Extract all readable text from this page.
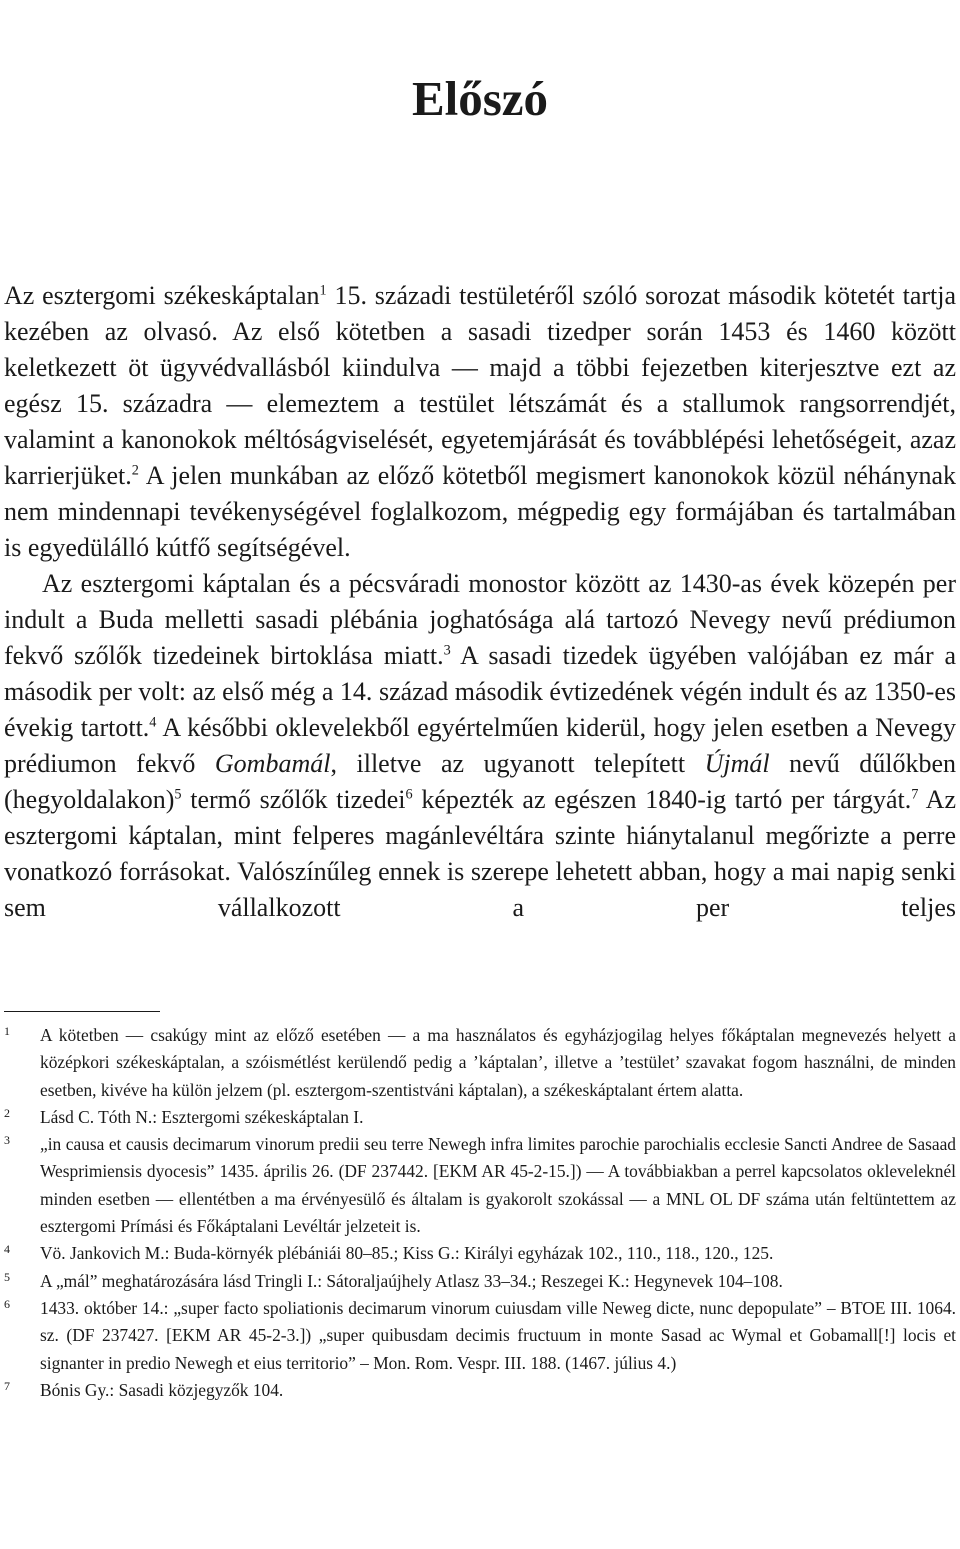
Előszó

Az esztergomi székeskáptalan$^1$ 15. századi testületéről szóló sorozat második kötetét tartja kezében az olvasó. Az első kötetben a sasadi tizedper során 1453 és 1460 között keletkezett öt ügyvédvallásból kiindulva — majd a többi fejezetben kiterjesztve ezt az egész 15. századra — elemeztem a testület létszámát és a stallumok rangsorrendjét, valamint a kanonokok méltóságviselését, egyetemjárását és továbblépési lehetőségeit, azaz karrierjüket.$^2$ A jelen munkában az előző kötetből megismert kanonokok közül néhánynak nem mindennapi tevékenységével foglalkozom, mégpedig egy formájában és tartalmában is egyedülálló kútfő segítségével.

Az esztergomi káptalan és a pécsváradi monostor között az 1430-as évek közepén per indult a Buda melletti sasadi plébánia joghatósága alá tartozó Nevegy nevű prédiumon fekvő szőlők tizedeinek birtoklása miatt.$^3$ A sasadi tizedek ügyében valójában ez már a második per volt: az első még a 14. század második évtizedének végén indult és az 1350-es évekig tartott.$^4$ A későbbi oklevelekből egyértelműen kiderül, hogy jelen esetben a Nevegy prédiumon fekvő Gombamál, illetve az ugyanott telepített Újmál nevű dűlőkben (hegyoldalakon)$^5$ termő szőlők tizedei$^6$ képezték az egészen 1840-ig tartó per tárgyát.$^7$ Az esztergomi káptalan, mint felperes magánlevéltára szinte hiánytalanul megőrizte a perre vonatkozó forrásokat. Valószínűleg ennek is szerepe lehetett abban, hogy a mai napig senki sem vállalkozott a per teljes

1 A kötetben — csakúgy mint az előző esetében — a ma használatos és egyházjogilag helyes főkáptalan megnevezés helyett a középkori székeskáptalan, a szóismétlést kerülendő pedig a ’káptalan’, illetve a ’testület’ szavakat fogom használni, de minden esetben, kivéve ha külön jelzem (pl. esztergom-szentistváni káptalan), a székeskáptalant értem alatta.
2 Lásd C. Tóth N.: Esztergomi székeskáptalan I.
3 „in causa et causis decimarum vinorum predii seu terre Newegh infra limites parochie parochialis ecclesie Sancti Andree de Sasaad Wesprimiensis dyocesis” 1435. április 26. (DF 237442. [EKM AR 45-2-15.]) — A továbbiakban a perrel kapcsolatos okleveleknél minden esetben — ellentétben a ma érvényesülő és általam is gyakorolt szokással — a MNL OL DF száma után feltüntettem az esztergomi Prímási és Főkáptalani Levéltár jelzeteit is.
4 Vö. Jankovich M.: Buda-környék plébániái 80–85.; Kiss G.: Királyi egyházak 102., 110., 118., 120., 125.
5 A „mál” meghatározására lásd Tringli I.: Sátoraljaújhely Atlasz 33–34.; Reszegei K.: Hegynevek 104–108.
6 1433. október 14.: „super facto spoliationis decimarum vinorum cuiusdam ville Neweg dicte, nunc depopulate” – BTOE III. 1064. sz. (DF 237427. [EKM AR 45-2-3.]) „super quibusdam decimis fructuum in monte Sasad ac Wymal et Gobamall[!] locis et signanter in predio Newegh et eius territorio” – Mon. Rom. Vespr. III. 188. (1467. július 4.)
7 Bónis Gy.: Sasadi közjegyzők 104.
